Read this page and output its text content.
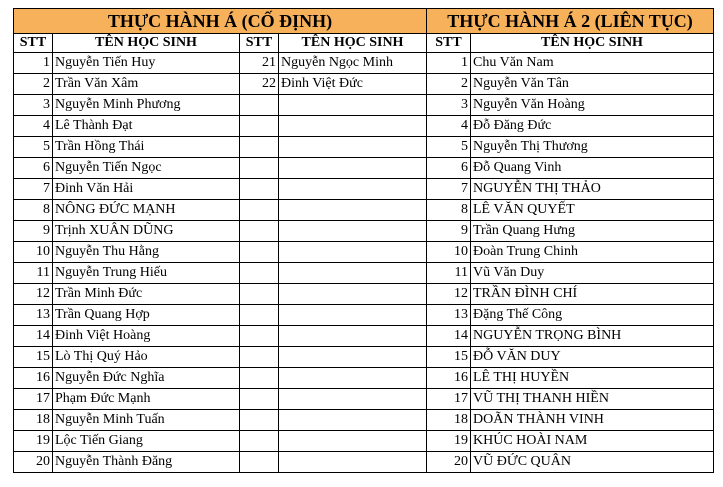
THỰC HÀNH Á (CỐ ĐỊNH)				THỰC HÀNH Á 2 (LIÊN TỤC)	
STT	TÊN HỌC SINH	STT	TÊN HỌC SINH	STT	TÊN HỌC SINH
1	Nguyễn Tiến Huy	21	Nguyễn Ngọc Minh	1	Chu Văn Nam
2	Trần Văn Xâm	22	Đinh Việt Đức	2	Nguyễn Văn Tân
3	Nguyễn Minh Phương			3	Nguyễn Văn Hoàng
4	Lê Thành Đạt			4	Đỗ Đăng Đức
5	Trần Hồng Thái			5	Nguyễn Thị Thương
6	Nguyễn Tiến Ngọc			6	Đỗ Quang Vinh
7	Đinh Văn Hải			7	NGUYỄN THỊ THẢO
8	NÔNG ĐỨC MẠNH			8	LÊ VĂN QUYẾT
9	Trịnh XUÂN DŨNG			9	Trần Quang Hưng
10	Nguyễn Thu Hằng			10	Đoàn Trung Chinh
11	Nguyễn Trung Hiếu			11	Vũ Văn Duy
12	Trần Minh Đức			12	TRẦN ĐÌNH CHÍ
13	Trần Quang Hợp			13	Đặng Thế Công
14	Đinh Việt Hoàng			14	NGUYỄN TRỌNG BÌNH
15	Lò Thị Quý Hảo			15	ĐỖ VĂN DUY
16	Nguyễn Đức Nghĩa			16	LÊ THỊ HUYỀN
17	Phạm Đức Mạnh			17	VŨ THỊ THANH HIỀN
18	Nguyễn Minh Tuấn			18	DOÃN THÀNH VINH
19	Lộc Tiến Giang			19	KHÚC HOÀI NAM
20	Nguyễn Thành Đăng			20	VŨ ĐỨC QUÂN
